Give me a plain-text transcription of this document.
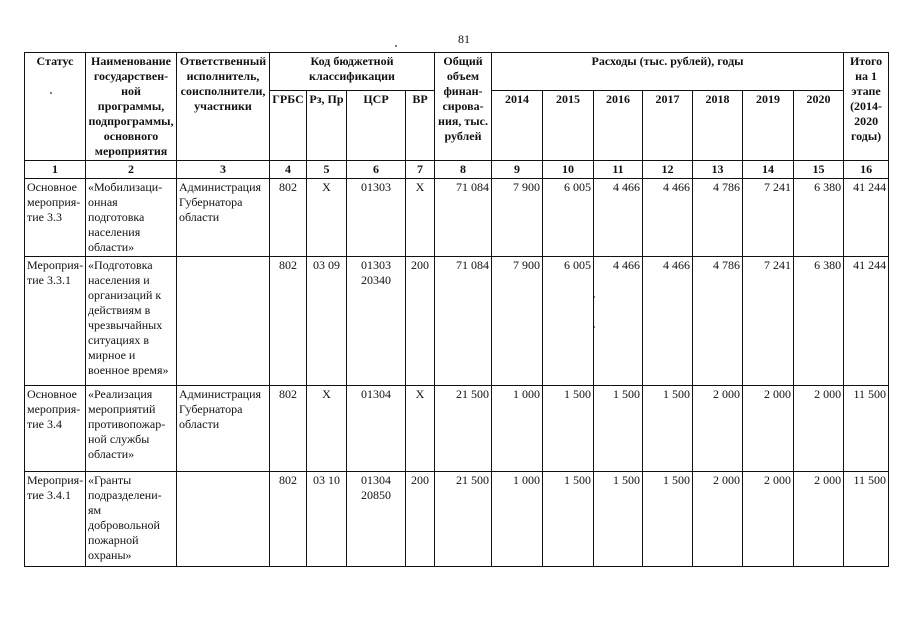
81
Статус	Наименование государствен-ной программы, подпрограммы, основного мероприятия	Ответственный исполнитель, соисполнители, участники	Код бюджетной классификации				Общий объем финан-сирова-ния, тыс. рублей	Расходы (тыс. рублей), годы							Итого на 1 этапе (2014-2020 годы)
			ГРБС	Рз, Пр	ЦСР	ВР		2014	2015	2016	2017	2018	2019	2020	
1	2	3	4	5	6	7	8	9	10	11	12	13	14	15	16
Основное мероприя-тие 3.3	«Мобилизаци-онная подготовка населения области»	Администрация Губернатора области	802	Х	01303	Х	71 084	7 900	6 005	4 466	4 466	4 786	7 241	6 380	41 244
Мероприя-тие 3.3.1	«Подготовка населения и организаций к действиям в чрезвычайных ситуациях в мирное и военное время»		802	03 09	01303 20340	200	71 084	7 900	6 005	4 466	4 466	4 786	7 241	6 380	41 244
Основное мероприя-тие 3.4	«Реализация мероприятий противопожар-ной службы области»	Администрация Губернатора области	802	Х	01304	Х	21 500	1 000	1 500	1 500	1 500	2 000	2 000	2 000	11 500
Мероприя-тие 3.4.1	«Гранты подразделени-ям добровольной пожарной охраны»		802	03 10	01304 20850	200	21 500	1 000	1 500	1 500	1 500	2 000	2 000	2 000	11 500
